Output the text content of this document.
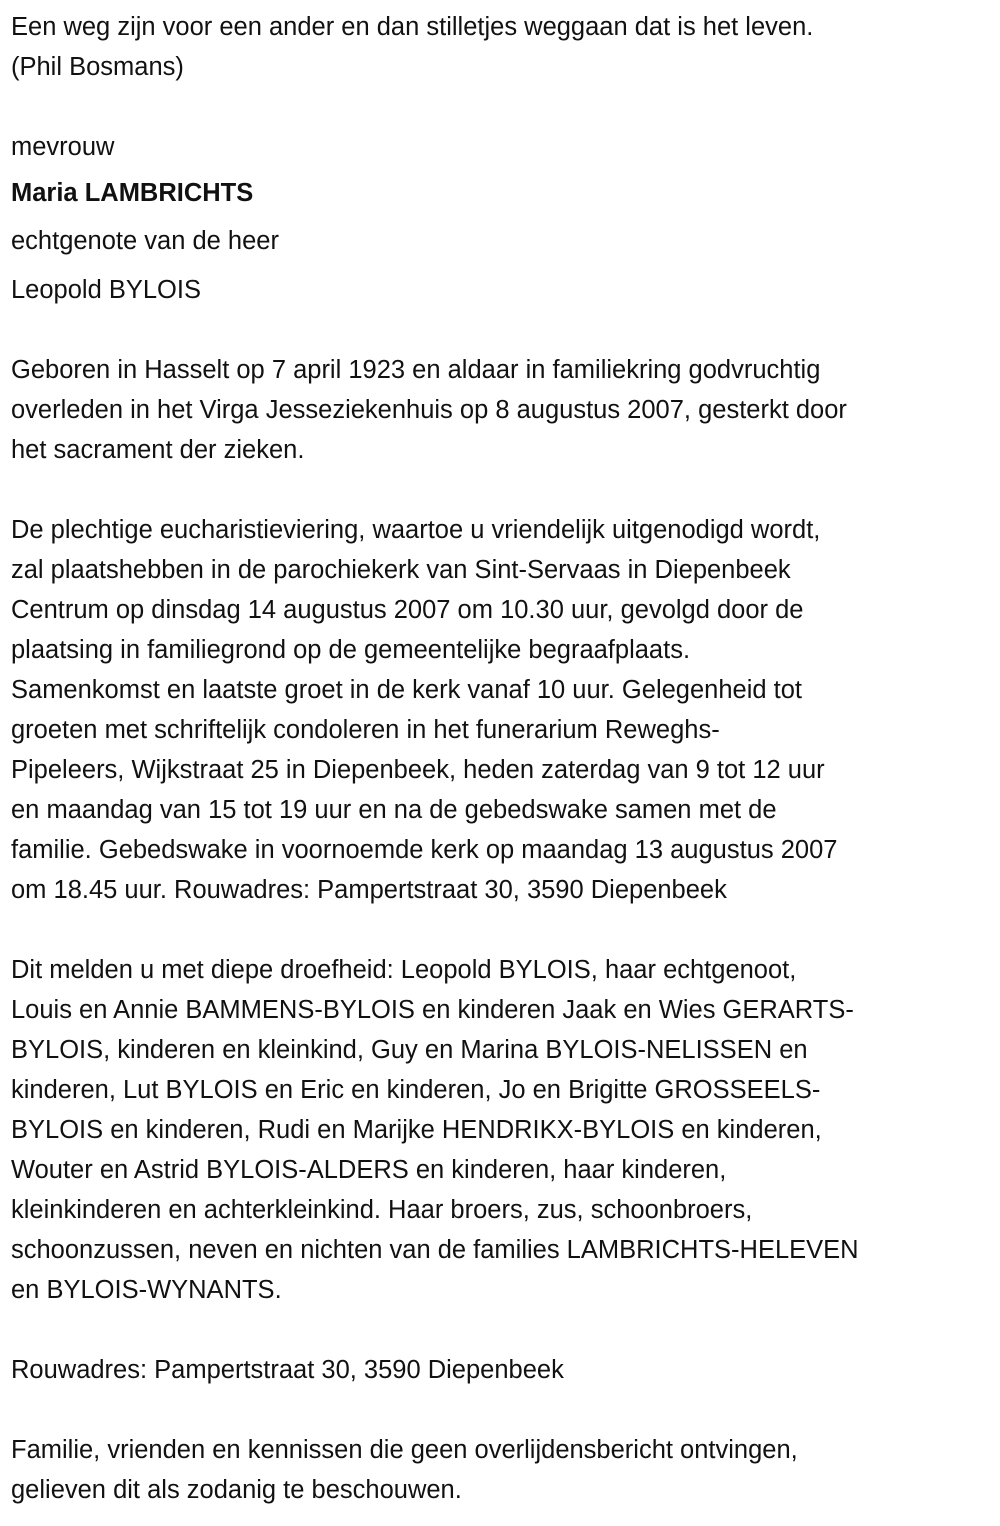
Een weg zijn voor een ander en dan stilletjes weggaan dat is het leven.
(Phil Bosmans)
mevrouw
Maria LAMBRICHTS
echtgenote van de heer
Leopold BYLOIS
Geboren in Hasselt op 7 april 1923 en aldaar in familiekring godvruchtig
overleden in het Virga Jesseziekenhuis op 8 augustus 2007, gesterkt door
het sacrament der zieken.
De plechtige eucharistieviering, waartoe u vriendelijk uitgenodigd wordt,
zal plaatshebben in de parochiekerk van Sint-Servaas in Diepenbeek
Centrum op dinsdag 14 augustus 2007 om 10.30 uur, gevolgd door de
plaatsing in familiegrond op de gemeentelijke begraafplaats.
Samenkomst en laatste groet in de kerk vanaf 10 uur. Gelegenheid tot
groeten met schriftelijk condoleren in het funerarium Reweghs-
Pipeleers, Wijkstraat 25 in Diepenbeek, heden zaterdag van 9 tot 12 uur
en maandag van 15 tot 19 uur en na de gebedswake samen met de
familie. Gebedswake in voornoemde kerk op maandag 13 augustus 2007
om 18.45 uur. Rouwadres: Pampertstraat 30, 3590 Diepenbeek
Dit melden u met diepe droefheid: Leopold BYLOIS, haar echtgenoot,
Louis en Annie BAMMENS-BYLOIS en kinderen Jaak en Wies GERARTS-
BYLOIS, kinderen en kleinkind, Guy en Marina BYLOIS-NELISSEN en
kinderen, Lut BYLOIS en Eric en kinderen, Jo en Brigitte GROSSEELS-
BYLOIS en kinderen, Rudi en Marijke HENDRIKX-BYLOIS en kinderen,
Wouter en Astrid BYLOIS-ALDERS en kinderen, haar kinderen,
kleinkinderen en achterkleinkind. Haar broers, zus, schoonbroers,
schoonzussen, neven en nichten van de families LAMBRICHTS-HELEVEN
en BYLOIS-WYNANTS.
Rouwadres: Pampertstraat 30, 3590 Diepenbeek
Familie, vrienden en kennissen die geen overlijdensbericht ontvingen,
gelieven dit als zodanig te beschouwen.
